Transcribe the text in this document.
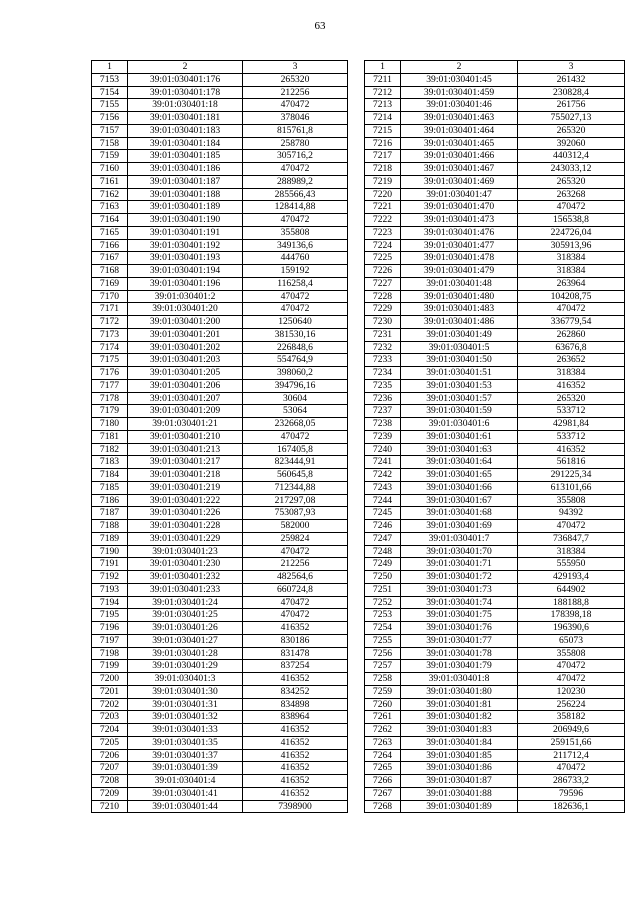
63
1	2	3
7153	39:01:030401:176	265320
7154	39:01:030401:178	212256
7155	39:01:030401:18	470472
7156	39:01:030401:181	378046
7157	39:01:030401:183	815761,8
7158	39:01:030401:184	258780
7159	39:01:030401:185	305716,2
7160	39:01:030401:186	470472
7161	39:01:030401:187	288989,2
7162	39:01:030401:188	285566,43
7163	39:01:030401:189	128414,88
7164	39:01:030401:190	470472
7165	39:01:030401:191	355808
7166	39:01:030401:192	349136,6
7167	39:01:030401:193	444760
7168	39:01:030401:194	159192
7169	39:01:030401:196	116258,4
7170	39:01:030401:2	470472
7171	39:01:030401:20	470472
7172	39:01:030401:200	1250640
7173	39:01:030401:201	381530,16
7174	39:01:030401:202	226848,6
7175	39:01:030401:203	554764,9
7176	39:01:030401:205	398060,2
7177	39:01:030401:206	394796,16
7178	39:01:030401:207	30604
7179	39:01:030401:209	53064
7180	39:01:030401:21	232668,05
7181	39:01:030401:210	470472
7182	39:01:030401:213	167405,8
7183	39:01:030401:217	823444,91
7184	39:01:030401:218	560645,8
7185	39:01:030401:219	712344,88
7186	39:01:030401:222	217297,08
7187	39:01:030401:226	753087,93
7188	39:01:030401:228	582000
7189	39:01:030401:229	259824
7190	39:01:030401:23	470472
7191	39:01:030401:230	212256
7192	39:01:030401:232	482564,6
7193	39:01:030401:233	660724,8
7194	39:01:030401:24	470472
7195	39:01:030401:25	470472
7196	39:01:030401:26	416352
7197	39:01:030401:27	830186
7198	39:01:030401:28	831478
7199	39:01:030401:29	837254
7200	39:01:030401:3	416352
7201	39:01:030401:30	834252
7202	39:01:030401:31	834898
7203	39:01:030401:32	838964
7204	39:01:030401:33	416352
7205	39:01:030401:35	416352
7206	39:01:030401:37	416352
7207	39:01:030401:39	416352
7208	39:01:030401:4	416352
7209	39:01:030401:41	416352
7210	39:01:030401:44	7398900
1	2	3
7211	39:01:030401:45	261432
7212	39:01:030401:459	230828,4
7213	39:01:030401:46	261756
7214	39:01:030401:463	755027,13
7215	39:01:030401:464	265320
7216	39:01:030401:465	392060
7217	39:01:030401:466	440312,4
7218	39:01:030401:467	243033,12
7219	39:01:030401:469	265320
7220	39:01:030401:47	263268
7221	39:01:030401:470	470472
7222	39:01:030401:473	156538,8
7223	39:01:030401:476	224726,04
7224	39:01:030401:477	305913,96
7225	39:01:030401:478	318384
7226	39:01:030401:479	318384
7227	39:01:030401:48	263964
7228	39:01:030401:480	104208,75
7229	39:01:030401:483	470472
7230	39:01:030401:486	336779,54
7231	39:01:030401:49	262860
7232	39:01:030401:5	63676,8
7233	39:01:030401:50	263652
7234	39:01:030401:51	318384
7235	39:01:030401:53	416352
7236	39:01:030401:57	265320
7237	39:01:030401:59	533712
7238	39:01:030401:6	42981,84
7239	39:01:030401:61	533712
7240	39:01:030401:63	416352
7241	39:01:030401:64	561816
7242	39:01:030401:65	291225,34
7243	39:01:030401:66	613101,66
7244	39:01:030401:67	355808
7245	39:01:030401:68	94392
7246	39:01:030401:69	470472
7247	39:01:030401:7	736847,7
7248	39:01:030401:70	318384
7249	39:01:030401:71	555950
7250	39:01:030401:72	429193,4
7251	39:01:030401:73	644902
7252	39:01:030401:74	188188,8
7253	39:01:030401:75	178398,18
7254	39:01:030401:76	196390,6
7255	39:01:030401:77	65073
7256	39:01:030401:78	355808
7257	39:01:030401:79	470472
7258	39:01:030401:8	470472
7259	39:01:030401:80	120230
7260	39:01:030401:81	256224
7261	39:01:030401:82	358182
7262	39:01:030401:83	206949,6
7263	39:01:030401:84	259151,66
7264	39:01:030401:85	211712,4
7265	39:01:030401:86	470472
7266	39:01:030401:87	286733,2
7267	39:01:030401:88	79596
7268	39:01:030401:89	182636,1
